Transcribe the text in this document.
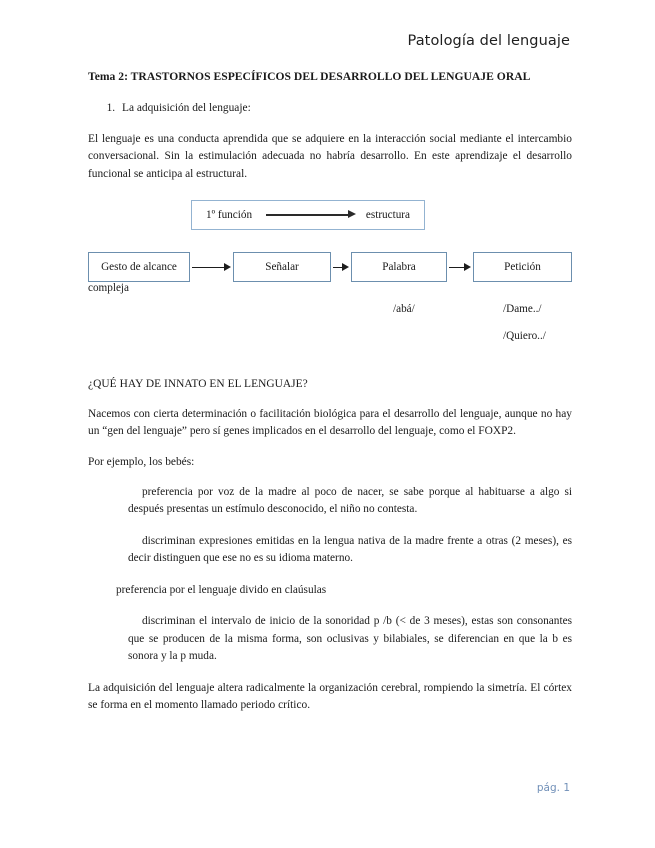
Patología del lenguaje

Tema 2: TRASTORNOS ESPECÍFICOS DEL DESARROLLO DEL LENGUAJE ORAL

1. La adquisición del lenguaje:

El lenguaje es una conducta aprendida que se adquiere en la interacción social mediante el intercambio conversacional. Sin la estimulación adecuada no habría desarrollo. En este aprendizaje el desarrollo funcional se anticipa al estructural.

1º función	estructura
Gesto de alcance	Señalar	Palabra	Petición
compleja
/abá/	/Dame../
/Quiero../
¿QUÉ HAY DE INNATO EN EL LENGUAJE?

Nacemos con cierta determinación o facilitación biológica para el desarrollo del lenguaje, aunque no hay un “gen del lenguaje” pero sí genes implicados en el desarrollo del lenguaje, como el FOXP2.

Por ejemplo, los bebés:

preferencia por voz de la madre al poco de nacer, se sabe porque al habituarse a algo si después presentas un estímulo desconocido, el niño no contesta.

discriminan expresiones emitidas en la lengua nativa de la madre frente a otras (2 meses), es decir distinguen que ese no es su idioma materno.

preferencia por el lenguaje divido en claúsulas

discriminan el intervalo de inicio de la sonoridad p /b (< de 3 meses), estas son consonantes que se producen de la misma forma, son oclusivas y bilabiales, se diferencian en que la b es sonora y la p muda.

La adquisición del lenguaje altera radicalmente la organización cerebral, rompiendo la simetría. El córtex se forma en el momento llamado periodo crítico.

pág. 1
